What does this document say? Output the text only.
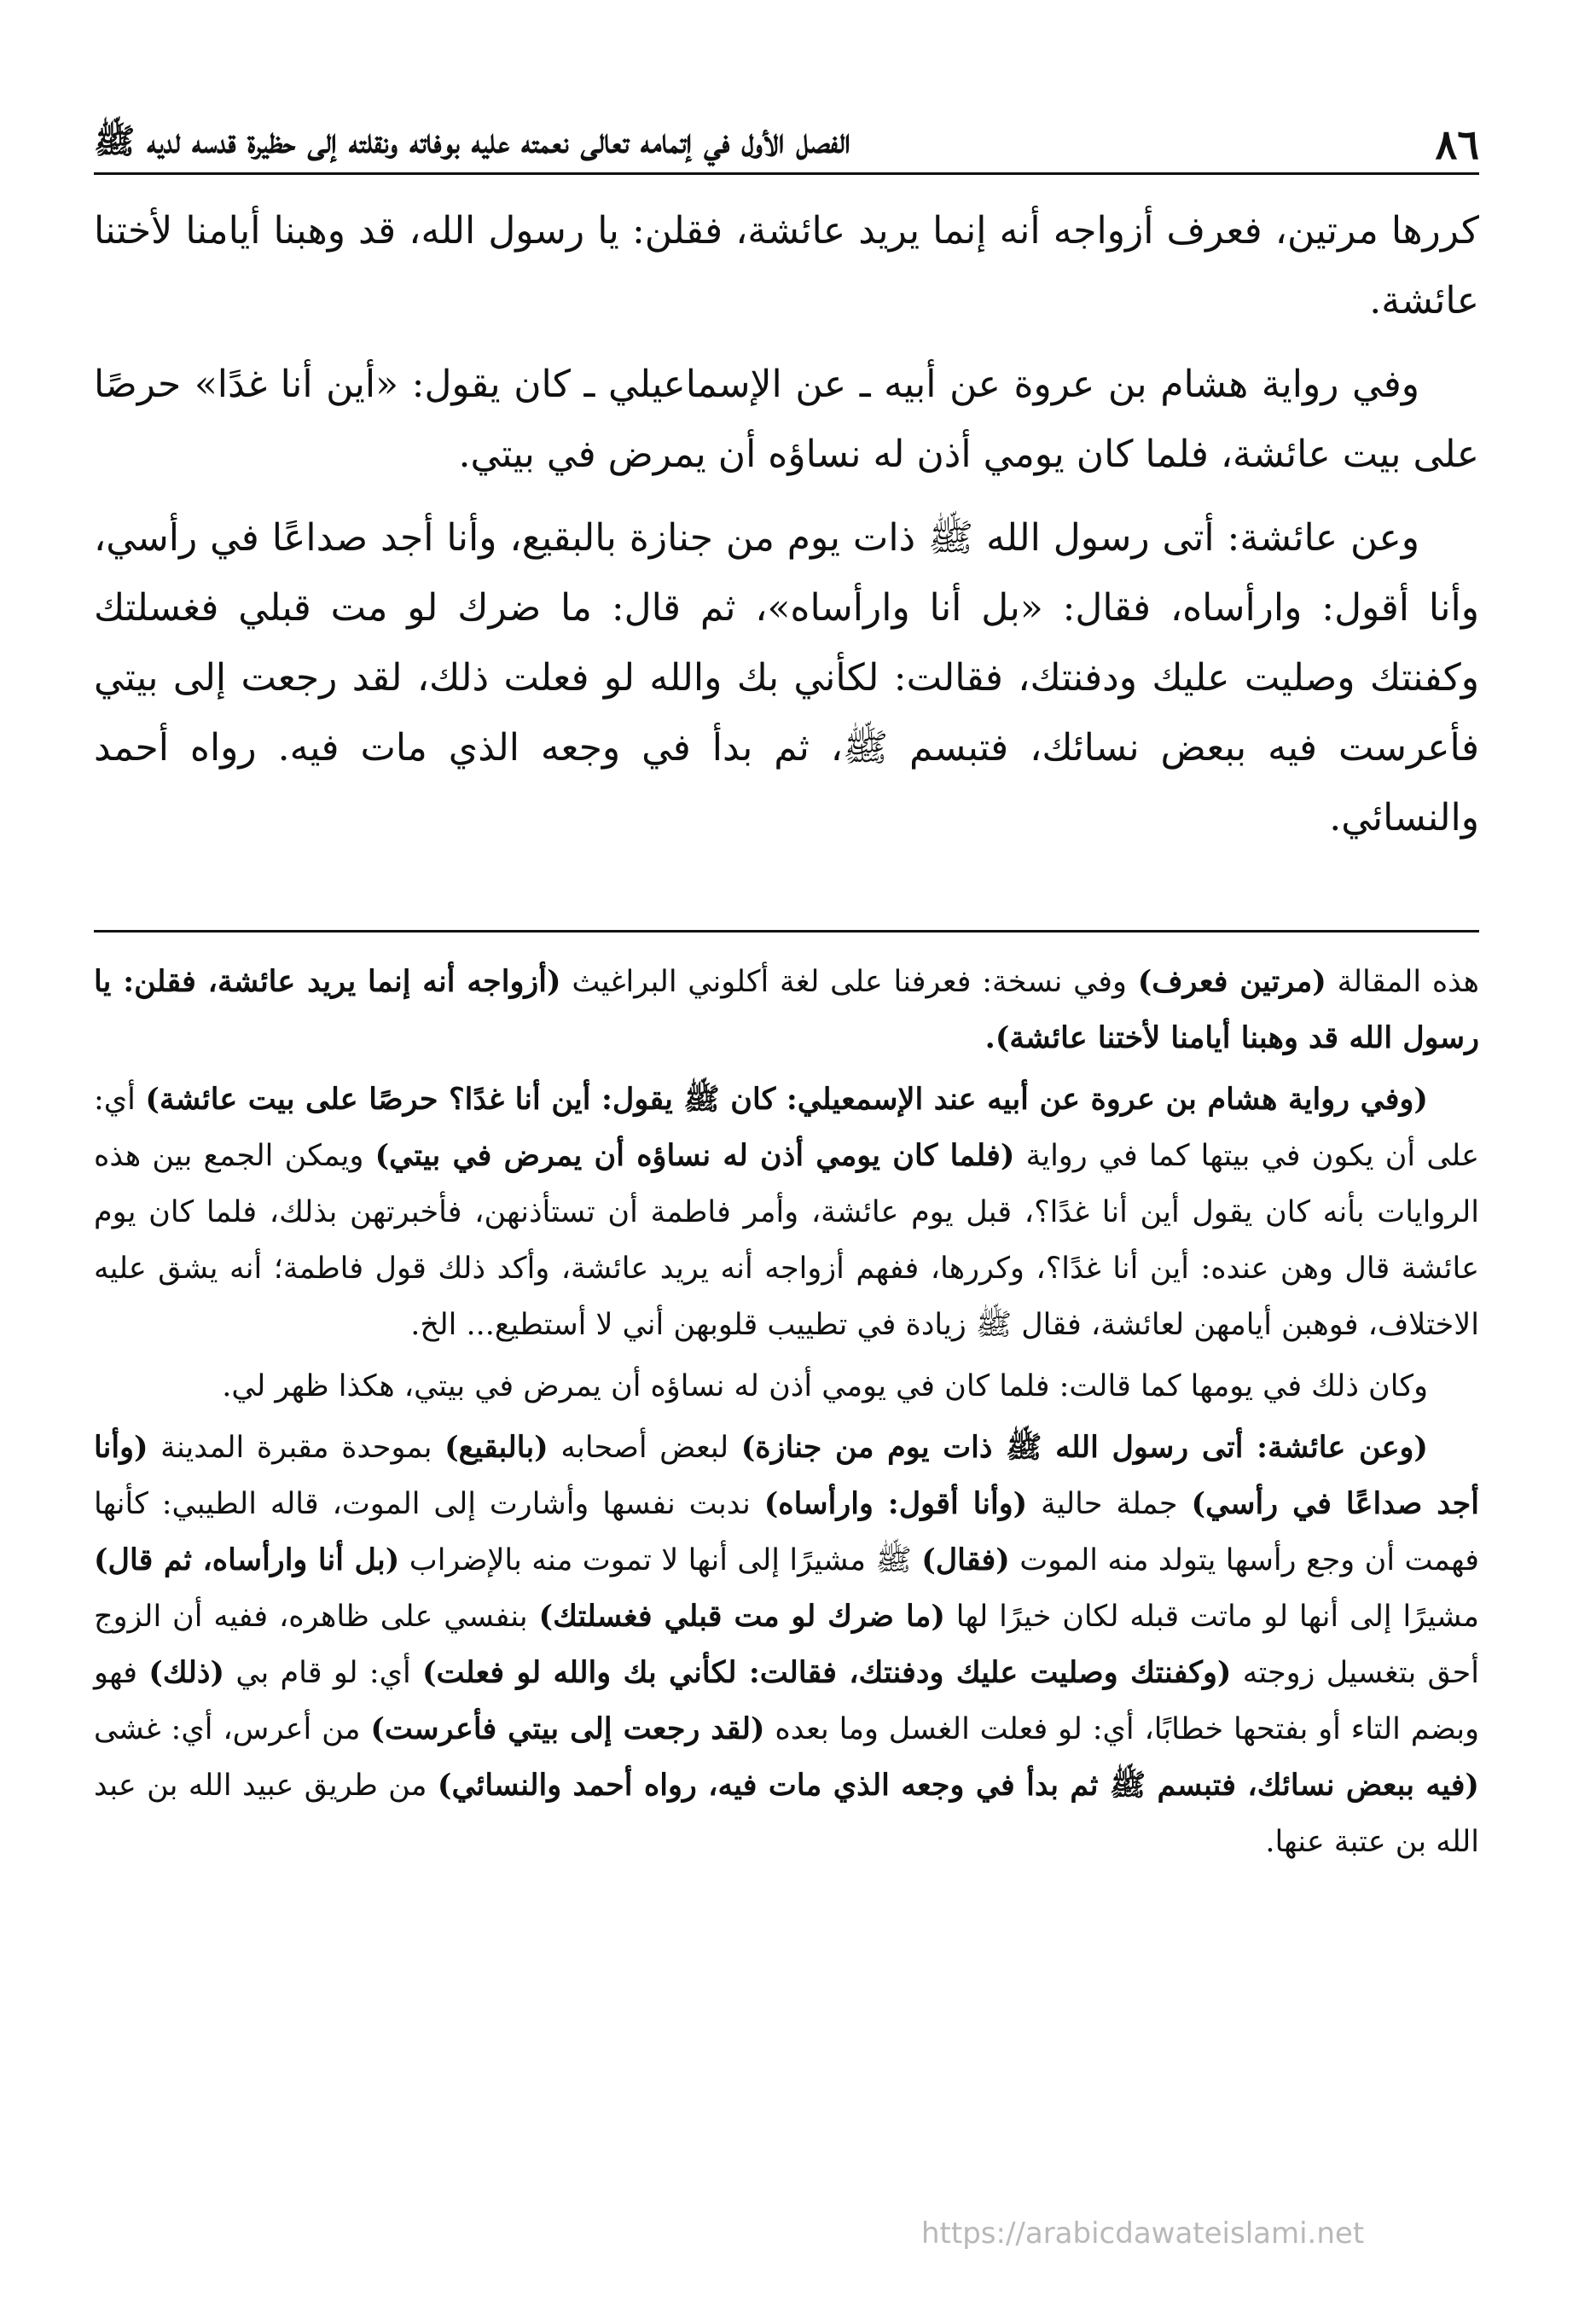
٨٦
الفصل الأول في إتمامه تعالى نعمته عليه بوفاته ونقلته إلى حظيرة قدسه لديه ﷺ

كررها مرتين، فعرف أزواجه أنه إنما يريد عائشة، فقلن: يا رسول الله، قد وهبنا أيامنا لأختنا عائشة.

وفي رواية هشام بن عروة عن أبيه ـ عن الإسماعيلي ـ كان يقول: «أين أنا غدًا» حرصًا على بيت عائشة، فلما كان يومي أذن له نساؤه أن يمرض في بيتي.

وعن عائشة: أتى رسول الله ﷺ ذات يوم من جنازة بالبقيع، وأنا أجد صداعًا في رأسي، وأنا أقول: وارأساه، فقال: «بل أنا وارأساه»، ثم قال: ما ضرك لو مت قبلي فغسلتك وكفنتك وصليت عليك ودفنتك، فقالت: لكأني بك والله لو فعلت ذلك، لقد رجعت إلى بيتي فأعرست فيه ببعض نسائك، فتبسم ﷺ، ثم بدأ في وجعه الذي مات فيه. رواه أحمد والنسائي.

هذه المقالة (مرتين فعرف) وفي نسخة: فعرفنا على لغة أكلوني البراغيث (أزواجه أنه إنما يريد عائشة، فقلن: يا رسول الله قد وهبنا أيامنا لأختنا عائشة).

(وفي رواية هشام بن عروة عن أبيه عند الإسمعيلي: كان ﷺ يقول: أين أنا غدًا؟ حرصًا على بيت عائشة) أي: على أن يكون في بيتها كما في رواية (فلما كان يومي أذن له نساؤه أن يمرض في بيتي) ويمكن الجمع بين هذه الروايات بأنه كان يقول أين أنا غدًا؟، قبل يوم عائشة، وأمر فاطمة أن تستأذنهن، فأخبرتهن بذلك، فلما كان يوم عائشة قال وهن عنده: أين أنا غدًا؟، وكررها، ففهم أزواجه أنه يريد عائشة، وأكد ذلك قول فاطمة؛ أنه يشق عليه الاختلاف، فوهبن أيامهن لعائشة، فقال ﷺ زيادة في تطييب قلوبهن أني لا أستطيع... الخ.

وكان ذلك في يومها كما قالت: فلما كان في يومي أذن له نساؤه أن يمرض في بيتي، هكذا ظهر لي.

(وعن عائشة: أتى رسول الله ﷺ ذات يوم من جنازة) لبعض أصحابه (بالبقيع) بموحدة مقبرة المدينة (وأنا أجد صداعًا في رأسي) جملة حالية (وأنا أقول: وارأساه) ندبت نفسها وأشارت إلى الموت، قاله الطيبي: كأنها فهمت أن وجع رأسها يتولد منه الموت (فقال) ﷺ مشيرًا إلى أنها لا تموت منه بالإضراب (بل أنا وارأساه، ثم قال) مشيرًا إلى أنها لو ماتت قبله لكان خيرًا لها (ما ضرك لو مت قبلي فغسلتك) بنفسي على ظاهره، ففيه أن الزوج أحق بتغسيل زوجته (وكفنتك وصليت عليك ودفنتك، فقالت: لكأني بك والله لو فعلت) أي: لو قام بي (ذلك) فهو وبضم التاء أو بفتحها خطابًا، أي: لو فعلت الغسل وما بعده (لقد رجعت إلى بيتي فأعرست) من أعرس، أي: غشى (فيه ببعض نسائك، فتبسم ﷺ ثم بدأ في وجعه الذي مات فيه، رواه أحمد والنسائي) من طريق عبيد الله بن عبد الله بن عتبة عنها.

https://arabicdawateislami.net
